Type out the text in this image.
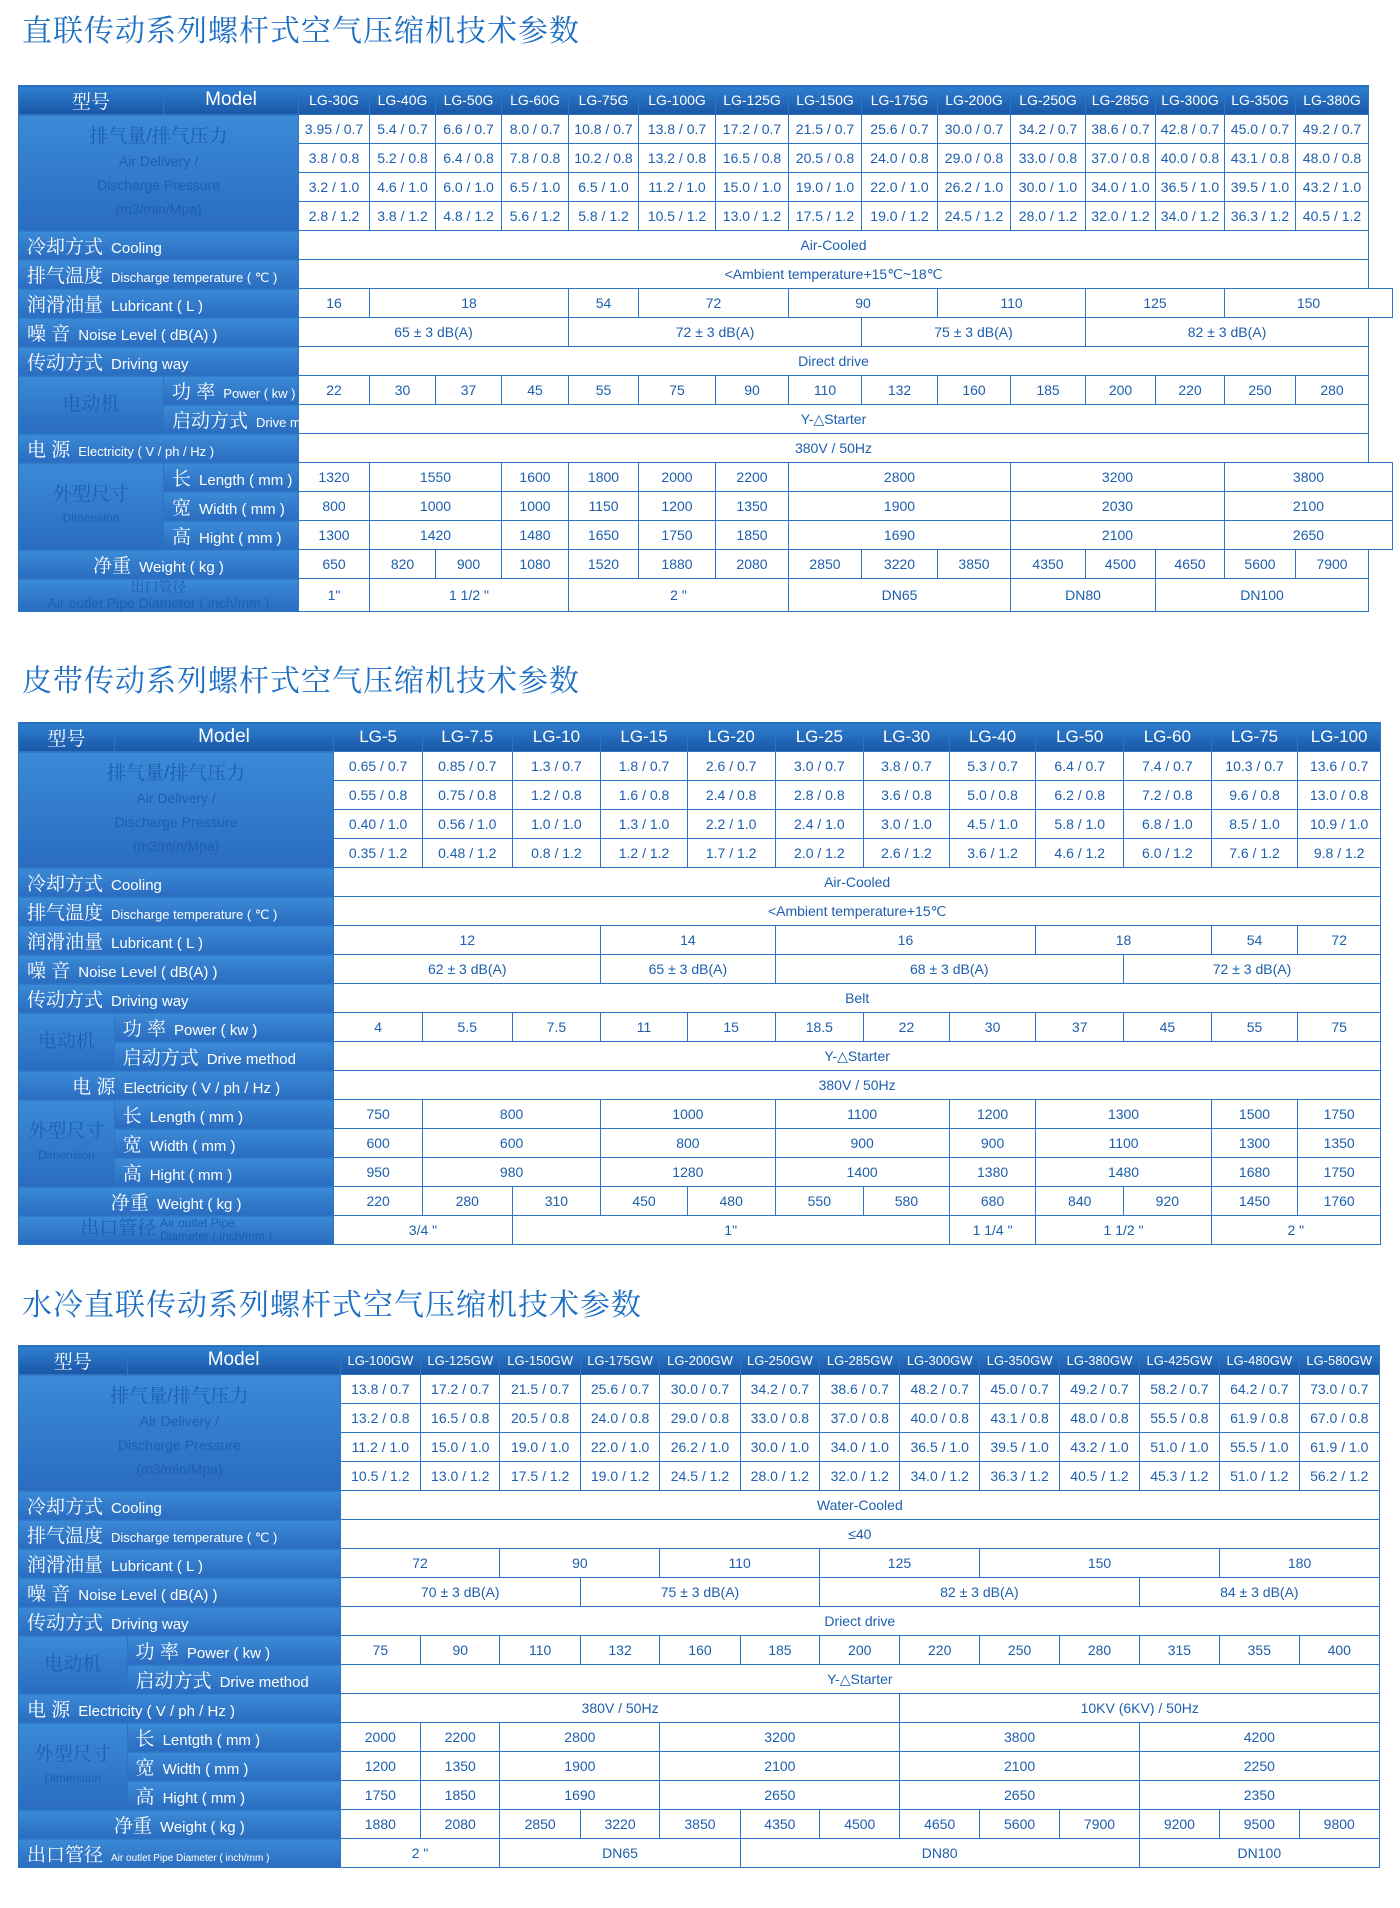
直联传动系列螺杆式空气压缩机技术参数
型号	Model	LG-30G	LG-40G	LG-50G	LG-60G	LG-75G	LG-100G	LG-125G	LG-150G	LG-175G	LG-200G	LG-250G	LG-285G	LG-300G	LG-350G	LG-380G

排气量/排气压力
Air Delivery /
Discharge Pressure
(m3/min/Mpa)		3.95 / 0.7	5.4 / 0.7	6.6 / 0.7	8.0 / 0.7	10.8 / 0.7	13.8 / 0.7	17.2 / 0.7	21.5 / 0.7	25.6 / 0.7	30.0 / 0.7	34.2 / 0.7	38.6 / 0.7	42.8 / 0.7	45.0 / 0.7	49.2 / 0.7
		3.8 / 0.8	5.2 / 0.8	6.4 / 0.8	7.8 / 0.8	10.2 / 0.8	13.2 / 0.8	16.5 / 0.8	20.5 / 0.8	24.0 / 0.8	29.0 / 0.8	33.0 / 0.8	37.0 / 0.8	40.0 / 0.8	43.1 / 0.8	48.0 / 0.8
		3.2 / 1.0	4.6 / 1.0	6.0 / 1.0	6.5 / 1.0	6.5 / 1.0	11.2 / 1.0	15.0 / 1.0	19.0 / 1.0	22.0 / 1.0	26.2 / 1.0	30.0 / 1.0	34.0 / 1.0	36.5 / 1.0	39.5 / 1.0	43.2 / 1.0
		2.8 / 1.2	3.8 / 1.2	4.8 / 1.2	5.6 / 1.2	5.8 / 1.2	10.5 / 1.2	13.0 / 1.2	17.5 / 1.2	19.0 / 1.2	24.5 / 1.2	28.0 / 1.2	32.0 / 1.2	34.0 / 1.2	36.3 / 1.2	40.5 / 1.2
冷却方式 Cooling		Air-Cooled														
排气温度 Discharge temperature ( ℃ )		<Ambient temperature+15℃~18℃														
润滑油量 Lubricant ( L )		16	18			54	72		90		110		125		150	
噪 音 Noise Level ( dB(A) )		65 ± 3 dB(A)				72 ± 3 dB(A)				75 ± 3 dB(A)			82 ± 3 dB(A)			
传动方式 Driving way		Direct drive														
电动机	功 率 Power ( kw )	22	30	37	45	55	75	90	110	132	160	185	200	220	250	280
	启动方式 Drive method	Y-△Starter														
电 源 Electricity ( V / ph / Hz )		380V / 50Hz														

外型尺寸
Dimension	长 Length ( mm )	1320	1550		1600	1800	2000	2200	2800			3200			3800	
	宽 Width ( mm )	800	1000		1000	1150	1200	1350	1900			2030			2100	
	高 Hight ( mm )	1300	1420		1480	1650	1750	1850	1690			2100			2650	
净重 Weight ( kg )		650	820	900	1080	1520	1880	2080	2850	3220	3850	4350	4500	4650	5600	7900

出口管径
Air outlet Pipe Diameter ( inch/mm )		1"	1 1/2 "			2 "			DN65			DN80		DN100		
皮带传动系列螺杆式空气压缩机技术参数
型号	Model	LG-5	LG-7.5	LG-10	LG-15	LG-20	LG-25	LG-30	LG-40	LG-50	LG-60	LG-75	LG-100

排气量/排气压力
Air Delivery /
Discharge Pressure
(m3/min/Mpa)		0.65 / 0.7	0.85 / 0.7	1.3 / 0.7	1.8 / 0.7	2.6 / 0.7	3.0 / 0.7	3.8 / 0.7	5.3 / 0.7	6.4 / 0.7	7.4 / 0.7	10.3 / 0.7	13.6 / 0.7
		0.55 / 0.8	0.75 / 0.8	1.2 / 0.8	1.6 / 0.8	2.4 / 0.8	2.8 / 0.8	3.6 / 0.8	5.0 / 0.8	6.2 / 0.8	7.2 / 0.8	9.6 / 0.8	13.0 / 0.8
		0.40 / 1.0	0.56 / 1.0	1.0 / 1.0	1.3 / 1.0	2.2 / 1.0	2.4 / 1.0	3.0 / 1.0	4.5 / 1.0	5.8 / 1.0	6.8 / 1.0	8.5 / 1.0	10.9 / 1.0
		0.35 / 1.2	0.48 / 1.2	0.8 / 1.2	1.2 / 1.2	1.7 / 1.2	2.0 / 1.2	2.6 / 1.2	3.6 / 1.2	4.6 / 1.2	6.0 / 1.2	7.6 / 1.2	9.8 / 1.2
冷却方式 Cooling		Air-Cooled											
排气温度 Discharge temperature ( ℃ )		<Ambient temperature+15℃											
润滑油量 Lubricant ( L )		12			14		16			18		54	72
噪 音 Noise Level ( dB(A) )		62 ± 3 dB(A)			65 ± 3 dB(A)		68 ± 3 dB(A)				72 ± 3 dB(A)		
传动方式 Driving way		Belt											
电动机	功 率 Power ( kw )	4	5.5	7.5	11	15	18.5	22	30	37	45	55	75
	启动方式 Drive method	Y-△Starter											
电 源 Electricity ( V / ph / Hz )		380V / 50Hz											

外型尺寸
Dimension	长 Length ( mm )	750	800		1000		1100		1200	1300		1500	1750
	宽 Width ( mm )	600	600		800		900		900	1100		1300	1350
	高 Hight ( mm )	950	980		1280		1400		1380	1480		1680	1750
净重 Weight ( kg )		220	280	310	450	480	550	580	680	840	920	1450	1760
出口管径 Air outlet Pipe
Diameter ( inch/mm )		3/4 "		1"					1 1/4 "	1 1/2 "		2 "	
水冷直联传动系列螺杆式空气压缩机技术参数
型号	Model	LG-100GW	LG-125GW	LG-150GW	LG-175GW	LG-200GW	LG-250GW	LG-285GW	LG-300GW	LG-350GW	LG-380GW	LG-425GW	LG-480GW	LG-580GW

排气量/排气压力
Air Delivery /
Discharge Pressure
(m3/min/Mpa)		13.8 / 0.7	17.2 / 0.7	21.5 / 0.7	25.6 / 0.7	30.0 / 0.7	34.2 / 0.7	38.6 / 0.7	48.2 / 0.7	45.0 / 0.7	49.2 / 0.7	58.2 / 0.7	64.2 / 0.7	73.0 / 0.7
		13.2 / 0.8	16.5 / 0.8	20.5 / 0.8	24.0 / 0.8	29.0 / 0.8	33.0 / 0.8	37.0 / 0.8	40.0 / 0.8	43.1 / 0.8	48.0 / 0.8	55.5 / 0.8	61.9 / 0.8	67.0 / 0.8
		11.2 / 1.0	15.0 / 1.0	19.0 / 1.0	22.0 / 1.0	26.2 / 1.0	30.0 / 1.0	34.0 / 1.0	36.5 / 1.0	39.5 / 1.0	43.2 / 1.0	51.0 / 1.0	55.5 / 1.0	61.9 / 1.0
		10.5 / 1.2	13.0 / 1.2	17.5 / 1.2	19.0 / 1.2	24.5 / 1.2	28.0 / 1.2	32.0 / 1.2	34.0 / 1.2	36.3 / 1.2	40.5 / 1.2	45.3 / 1.2	51.0 / 1.2	56.2 / 1.2
冷却方式 Cooling		Water-Cooled												
排气温度 Discharge temperature ( ℃ )		≤40												
润滑油量 Lubricant ( L )		72		90		110		125		150			180	
噪 音 Noise Level ( dB(A) )		70 ± 3 dB(A)			75 ± 3 dB(A)			82 ± 3 dB(A)				84 ± 3 dB(A)		
传动方式 Driving way		Driect drive												
电动机	功 率 Power ( kw )	75	90	110	132	160	185	200	220	250	280	315	355	400
	启动方式 Drive method	Y-△Starter												
电 源 Electricity ( V / ph / Hz )		380V / 50Hz							10KV (6KV) / 50Hz					

外型尺寸
Dimension	长 Lentgth ( mm )	2000	2200	2800		3200			3800			4200		
	宽 Width ( mm )	1200	1350	1900		2100			2100			2250		
	高 Hight ( mm )	1750	1850	1690		2650			2650			2350		
净重 Weight ( kg )		1880	2080	2850	3220	3850	4350	4500	4650	5600	7900	9200	9500	9800
出口管径 Air outlet Pipe Diameter ( inch/mm )		2 "		DN65			DN80					DN100		
